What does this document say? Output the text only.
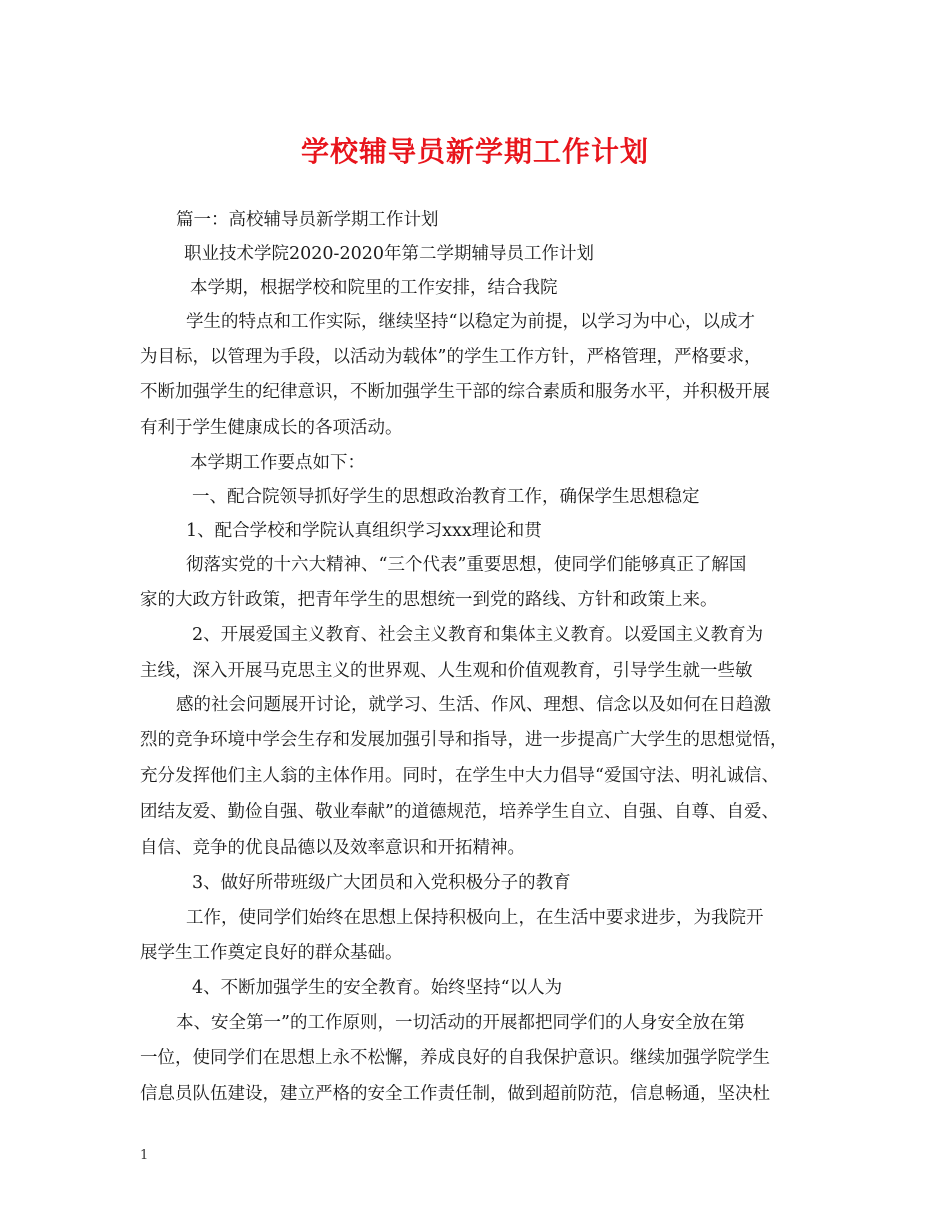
学校辅导员新学期工作计划
篇一：高校辅导员新学期工作计划
职业技术学院2020-2020年第二学期辅导员工作计划
本学期，根据学校和院里的工作安排，结合我院
学生的特点和工作实际，继续坚持“以稳定为前提，以学习为中心，以成才
为目标，以管理为手段，以活动为载体”的学生工作方针，严格管理，严格要求，
不断加强学生的纪律意识，不断加强学生干部的综合素质和服务水平，并积极开展
有利于学生健康成长的各项活动。
本学期工作要点如下：
一、配合院领导抓好学生的思想政治教育工作，确保学生思想稳定
1、配合学校和学院认真组织学习xxx理论和贯
彻落实党的十六大精神、“三个代表”重要思想，使同学们能够真正了解国
家的大政方针政策，把青年学生的思想统一到党的路线、方针和政策上来。
2、开展爱国主义教育、社会主义教育和集体主义教育。以爱国主义教育为
主线，深入开展马克思主义的世界观、人生观和价值观教育，引导学生就一些敏
感的社会问题展开讨论，就学习、生活、作风、理想、信念以及如何在日趋激
烈的竞争环境中学会生存和发展加强引导和指导，进一步提高广大学生的思想觉悟，
充分发挥他们主人翁的主体作用。同时，在学生中大力倡导“爱国守法、明礼诚信、
团结友爱、勤俭自强、敬业奉献”的道德规范，培养学生自立、自强、自尊、自爱、
自信、竞争的优良品德以及效率意识和开拓精神。
3、做好所带班级广大团员和入党积极分子的教育
工作，使同学们始终在思想上保持积极向上，在生活中要求进步，为我院开
展学生工作奠定良好的群众基础。
4、不断加强学生的安全教育。始终坚持“以人为
本、安全第一”的工作原则，一切活动的开展都把同学们的人身安全放在第
一位，使同学们在思想上永不松懈，养成良好的自我保护意识。继续加强学院学生
信息员队伍建设，建立严格的安全工作责任制，做到超前防范，信息畅通，坚决杜
1
